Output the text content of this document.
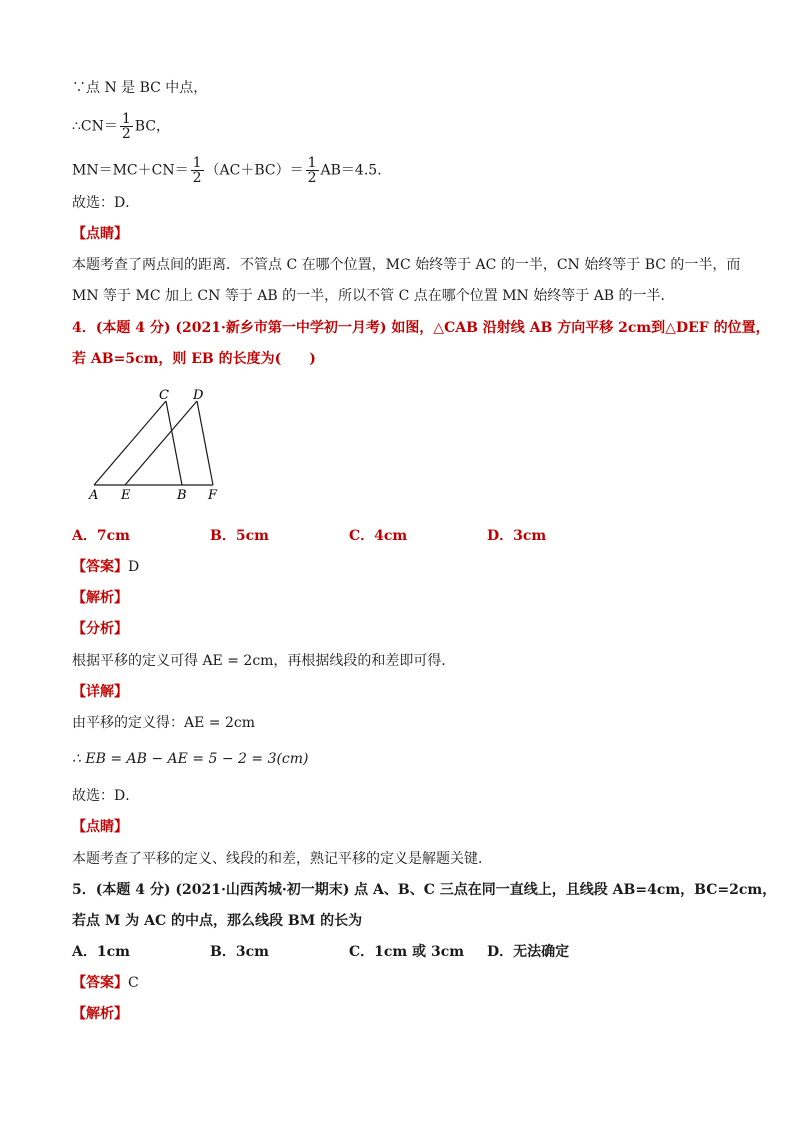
∵点 N 是 BC 中点，
∴CN＝ $\frac{1}{2}$ BC，
$MN=MC+CN= \frac{1}{2} (AC+BC)= \frac{1}{2} AB=4.5$.
故选：D．
【点睛】
本题考查了两点间的距离．不管点 C 在哪个位置，MC 始终等于 AC 的一半，CN 始终等于 BC 的一半，而
MN 等于 MC 加上 CN 等于 AB 的一半，所以不管 C 点在哪个位置 MN 始终等于 AB 的一半．
4．(本题 4 分) (2021·新乡市第一中学初一月考) 如图，△CAB 沿射线 AB 方向平移 2cm到△DEF 的位置，
若 AB=5cm，则 EB 的长度为(　　)
C D
A E	B F
A．7cm	B．5cm	C．4cm	D．3cm
【答案】D
【解析】
【分析】
根据平移的定义可得 AE = 2cm，再根据线段的和差即可得．
【详解】
由平移的定义得：AE = 2cm
∴ EB = AB − AE = 5 − 2 = 3(cm)
故选：D．
【点睛】
本题考查了平移的定义、线段的和差，熟记平移的定义是解题关键．
5．(本题 4 分) (2021·山西芮城·初一期末) 点 A、B、C 三点在同一直线上，且线段 AB=4cm，BC=2cm，
若点 M 为 AC 的中点，那么线段 BM 的长为
A．1cm	B．3cm	C．1cm 或 3cm D．无法确定
【答案】C
【解析】
